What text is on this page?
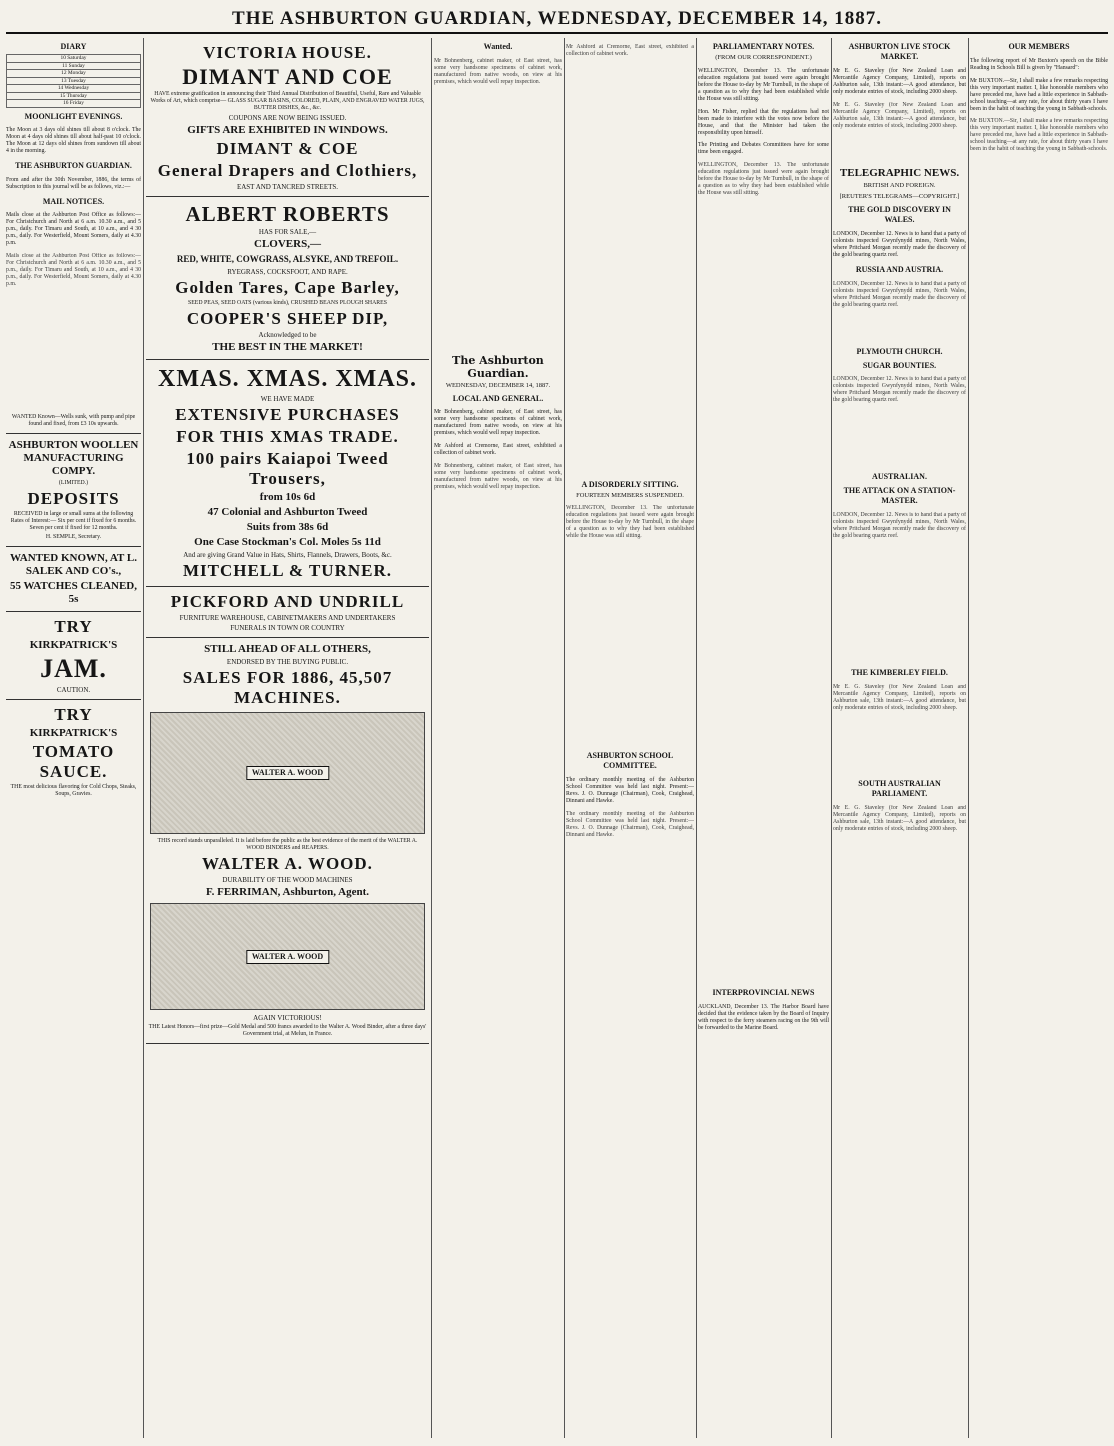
THE ASHBURTON GUARDIAN, WEDNESDAY, DECEMBER 14, 1887.
DIARY
10 Saturday
11 Sunday
12 Monday
13 Tuesday
14 Wednesday
15 Thursday
16 Friday
MOONLIGHT EVENINGS.

The Moon at 3 days old shines till about 8 o'clock. The Moon at 4 days old shines till about half-past 10 o'clock. The Moon at 12 days old shines from sundown till about 4 in the morning.

THE ASHBURTON GUARDIAN.

From and after the 30th November, 1886, the terms of Subscription to this journal will be as follows, viz.:—

MAIL NOTICES.

Mails close at the Ashburton Post Office as follows:— For Christchurch and North at 6 a.m. 10.30 a.m., and 5 p.m., daily. For Timaru and South, at 10 a.m., and 4 30 p.m., daily. For Westerfield, Mount Somers, daily at 4.30 p.m.

Mails close at the Ashburton Post Office as follows:— For Christchurch and North at 6 a.m. 10.30 a.m., and 5 p.m., daily. For Timaru and South, at 10 a.m., and 4 30 p.m., daily. For Westerfield, Mount Somers, daily at 4.30 p.m.

WANTED Known—Wells sunk, with pump and pipe found and fixed, from £3 10s upwards.

ASHBURTON WOOLLEN MANUFACTURING COMPY.

(LIMITED.)

DEPOSITS

RECEIVED in large or small sums at the following Rates of Interest:— Six per cent if fixed for 6 months. Seven per cent if fixed for 12 months.

H. SEMPLE, Secretary.

WANTED KNOWN, AT L. SALEK AND CO's.,

55 WATCHES CLEANED, 5s

TRY

KIRKPATRICK'S

JAM.

CAUTION.

TRY

KIRKPATRICK'S

TOMATO SAUCE.

THE most delicious flavoring for Cold Chops, Steaks, Soups, Gravies.

VICTORIA HOUSE.

DIMANT AND COE

HAVE extreme gratification in announcing their Third Annual Distribution of Beautiful, Useful, Rare and Valuable Works of Art, which comprise— GLASS SUGAR BASINS, COLORED, PLAIN, AND ENGRAVED WATER JUGS, BUTTER DISHES, &c., &c.

COUPONS ARE NOW BEING ISSUED.

GIFTS ARE EXHIBITED IN WINDOWS.

DIMANT & COE

General Drapers and Clothiers,

EAST AND TANCRED STREETS.

ALBERT ROBERTS

HAS FOR SALE,—

CLOVERS,—

RED, WHITE, COWGRASS, ALSYKE, AND TREFOIL.

RYEGRASS, COCKSFOOT, AND RAPE.

Golden Tares, Cape Barley,

SEED PEAS, SEED OATS (various kinds), CRUSHED BEANS PLOUGH SHARES

COOPER'S SHEEP DIP,

Acknowledged to be

THE BEST IN THE MARKET!

XMAS. XMAS. XMAS.

WE HAVE MADE

EXTENSIVE PURCHASES

FOR THIS XMAS TRADE.

100 pairs Kaiapoi Tweed Trousers,

from 10s 6d

47 Colonial and Ashburton Tweed

Suits from 38s 6d

One Case Stockman's Col. Moles 5s 11d

And are giving Grand Value in Hats, Shirts, Flannels, Drawers, Boots, &c.

MITCHELL & TURNER.

PICKFORD AND UNDRILL

FURNITURE WAREHOUSE, CABINETMAKERS AND UNDERTAKERS

FUNERALS IN TOWN OR COUNTRY

STILL AHEAD OF ALL OTHERS,

ENDORSED BY THE BUYING PUBLIC.

SALES FOR 1886, 45,507 MACHINES.

WALTER A. WOOD

THIS record stands unparalleled. It is laid before the public as the best evidence of the merit of the WALTER A. WOOD BINDERS and REAPERS.

WALTER A. WOOD.

DURABILITY OF THE WOOD MACHINES

F. FERRIMAN, Ashburton, Agent.

WALTER A. WOOD

AGAIN VICTORIOUS!

THE Latest Honors—first prize—Gold Medal and 500 francs awarded to the Walter A. Wood Binder, after a three days' Government trial, at Melun, in France.

Wanted.

Mr Bohnenberg, cabinet maker, of East street, has some very handsome specimens of cabinet work, manufactured from native woods, on view at his premises, which would well repay inspection.

The Ashburton Guardian.
WEDNESDAY, DECEMBER 14, 1887.
LOCAL AND GENERAL.

Mr Bohnenberg, cabinet maker, of East street, has some very handsome specimens of cabinet work, manufactured from native woods, on view at his premises, which would well repay inspection.

Mr Ashford at Cremorne, East street, exhibited a collection of cabinet work.

Mr Bohnenberg, cabinet maker, of East street, has some very handsome specimens of cabinet work, manufactured from native woods, on view at his premises, which would well repay inspection.

Mr Ashford at Cremorne, East street, exhibited a collection of cabinet work.

A DISORDERLY SITTING.
FOURTEEN MEMBERS SUSPENDED.

WELLINGTON, December 13. The unfortunate education regulations just issued were again brought before the House to-day by Mr Turnbull, in the shape of a question as to why they had been established while the House was still sitting.

ASHBURTON SCHOOL COMMITTEE.

The ordinary monthly meeting of the Ashburton School Committee was held last night. Present:—Revs. J. O. Dunnage (Chairman), Cook, Craighead, Dinnani and Hawke.

The ordinary monthly meeting of the Ashburton School Committee was held last night. Present:—Revs. J. O. Dunnage (Chairman), Cook, Craighead, Dinnani and Hawke.

PARLIAMENTARY NOTES.
(FROM OUR CORRESPONDENT.)

WELLINGTON, December 13. The unfortunate education regulations just issued were again brought before the House to-day by Mr Turnbull, in the shape of a question as to why they had been established while the House was still sitting.

Hon. Mr Fisher, replied that the regulations had not been made to interfere with the votes now before the House, and that the Minister had taken the responsibility upon himself.

The Printing and Debates Committees have for some time been engaged.

WELLINGTON, December 13. The unfortunate education regulations just issued were again brought before the House to-day by Mr Turnbull, in the shape of a question as to why they had been established while the House was still sitting.

INTERPROVINCIAL NEWS

AUCKLAND, December 13. The Harbor Board have decided that the evidence taken by the Board of Inquiry with respect to the ferry steamers racing on the 9th will be forwarded to the Marine Board.

ASHBURTON LIVE STOCK MARKET.

Mr E. G. Staveley (for New Zealand Loan and Mercantile Agency Company, Limited), reports on Ashburton sale, 13th instant:—A good attendance, but only moderate entries of stock, including 2000 sheep.

Mr E. G. Staveley (for New Zealand Loan and Mercantile Agency Company, Limited), reports on Ashburton sale, 13th instant:—A good attendance, but only moderate entries of stock, including 2000 sheep.

TELEGRAPHIC NEWS.
BRITISH AND FOREIGN.
[REUTER'S TELEGRAMS—COPYRIGHT.]
THE GOLD DISCOVERY IN WALES.

LONDON, December 12. News is to hand that a party of colonists inspected Gwynfynydd mines, North Wales, where Pritchard Morgan recently made the discovery of the gold bearing quartz reef.

RUSSIA AND AUSTRIA.

LONDON, December 12. News is to hand that a party of colonists inspected Gwynfynydd mines, North Wales, where Pritchard Morgan recently made the discovery of the gold bearing quartz reef.

PLYMOUTH CHURCH.
SUGAR BOUNTIES.

LONDON, December 12. News is to hand that a party of colonists inspected Gwynfynydd mines, North Wales, where Pritchard Morgan recently made the discovery of the gold bearing quartz reef.

AUSTRALIAN.
THE ATTACK ON A STATION-MASTER.

LONDON, December 12. News is to hand that a party of colonists inspected Gwynfynydd mines, North Wales, where Pritchard Morgan recently made the discovery of the gold bearing quartz reef.

THE KIMBERLEY FIELD.

Mr E. G. Staveley (for New Zealand Loan and Mercantile Agency Company, Limited), reports on Ashburton sale, 13th instant:—A good attendance, but only moderate entries of stock, including 2000 sheep.

SOUTH AUSTRALIAN PARLIAMENT.

Mr E. G. Staveley (for New Zealand Loan and Mercantile Agency Company, Limited), reports on Ashburton sale, 13th instant:—A good attendance, but only moderate entries of stock, including 2000 sheep.

OUR MEMBERS

The following report of Mr Buxton's speech on the Bible Reading in Schools Bill is given by "Hansard":

Mr BUXTON.—Sir, I shall make a few remarks respecting this very important matter. I, like honorable members who have preceded me, have had a little experience in Sabbath-school teaching—at any rate, for about thirty years I have been in the habit of teaching the young in Sabbath-schools.

Mr BUXTON.—Sir, I shall make a few remarks respecting this very important matter. I, like honorable members who have preceded me, have had a little experience in Sabbath-school teaching—at any rate, for about thirty years I have been in the habit of teaching the young in Sabbath-schools.
